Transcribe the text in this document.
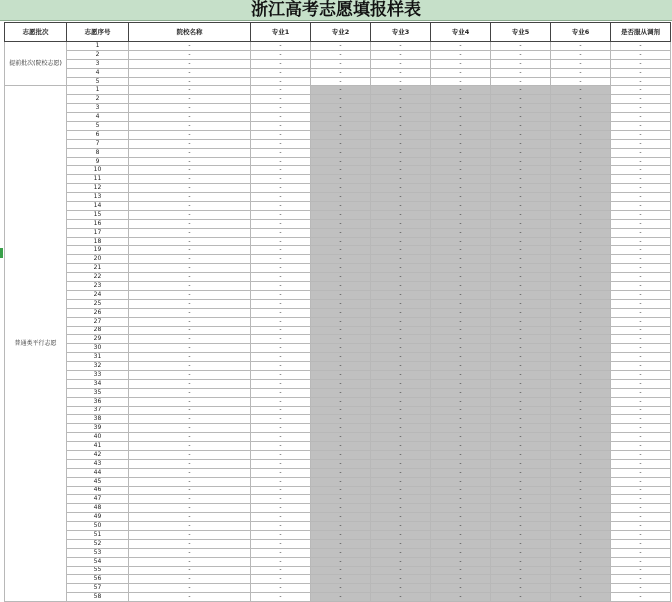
浙江高考志愿填报样表
志愿批次	志愿序号	院校名称	专业1	专业2	专业3	专业4	专业5	专业6	是否服从调剂
提前批次(院校志愿)	1	-	-	-	-	-	-	-	-
	2	-	-	-	-	-	-	-	-
	3	-	-	-	-	-	-	-	-
	4	-	-	-	-	-	-	-	-
	5	-	-	-	-	-	-	-	-
普通类平行志愿	1	-	-	-	-	-	-	-	-
	2	-	-	-	-	-	-	-	-
	3	-	-	-	-	-	-	-	-
	4	-	-	-	-	-	-	-	-
	5	-	-	-	-	-	-	-	-
	6	-	-	-	-	-	-	-	-
	7	-	-	-	-	-	-	-	-
	8	-	-	-	-	-	-	-	-
	9	-	-	-	-	-	-	-	-
	10	-	-	-	-	-	-	-	-
	11	-	-	-	-	-	-	-	-
	12	-	-	-	-	-	-	-	-
	13	-	-	-	-	-	-	-	-
	14	-	-	-	-	-	-	-	-
	15	-	-	-	-	-	-	-	-
	16	-	-	-	-	-	-	-	-
	17	-	-	-	-	-	-	-	-
	18	-	-	-	-	-	-	-	-
	19	-	-	-	-	-	-	-	-
	20	-	-	-	-	-	-	-	-
	21	-	-	-	-	-	-	-	-
	22	-	-	-	-	-	-	-	-
	23	-	-	-	-	-	-	-	-
	24	-	-	-	-	-	-	-	-
	25	-	-	-	-	-	-	-	-
	26	-	-	-	-	-	-	-	-
	27	-	-	-	-	-	-	-	-
	28	-	-	-	-	-	-	-	-
	29	-	-	-	-	-	-	-	-
	30	-	-	-	-	-	-	-	-
	31	-	-	-	-	-	-	-	-
	32	-	-	-	-	-	-	-	-
	33	-	-	-	-	-	-	-	-
	34	-	-	-	-	-	-	-	-
	35	-	-	-	-	-	-	-	-
	36	-	-	-	-	-	-	-	-
	37	-	-	-	-	-	-	-	-
	38	-	-	-	-	-	-	-	-
	39	-	-	-	-	-	-	-	-
	40	-	-	-	-	-	-	-	-
	41	-	-	-	-	-	-	-	-
	42	-	-	-	-	-	-	-	-
	43	-	-	-	-	-	-	-	-
	44	-	-	-	-	-	-	-	-
	45	-	-	-	-	-	-	-	-
	46	-	-	-	-	-	-	-	-
	47	-	-	-	-	-	-	-	-
	48	-	-	-	-	-	-	-	-
	49	-	-	-	-	-	-	-	-
	50	-	-	-	-	-	-	-	-
	51	-	-	-	-	-	-	-	-
	52	-	-	-	-	-	-	-	-
	53	-	-	-	-	-	-	-	-
	54	-	-	-	-	-	-	-	-
	55	-	-	-	-	-	-	-	-
	56	-	-	-	-	-	-	-	-
	57	-	-	-	-	-	-	-	-
	58	-	-	-	-	-	-	-	-
